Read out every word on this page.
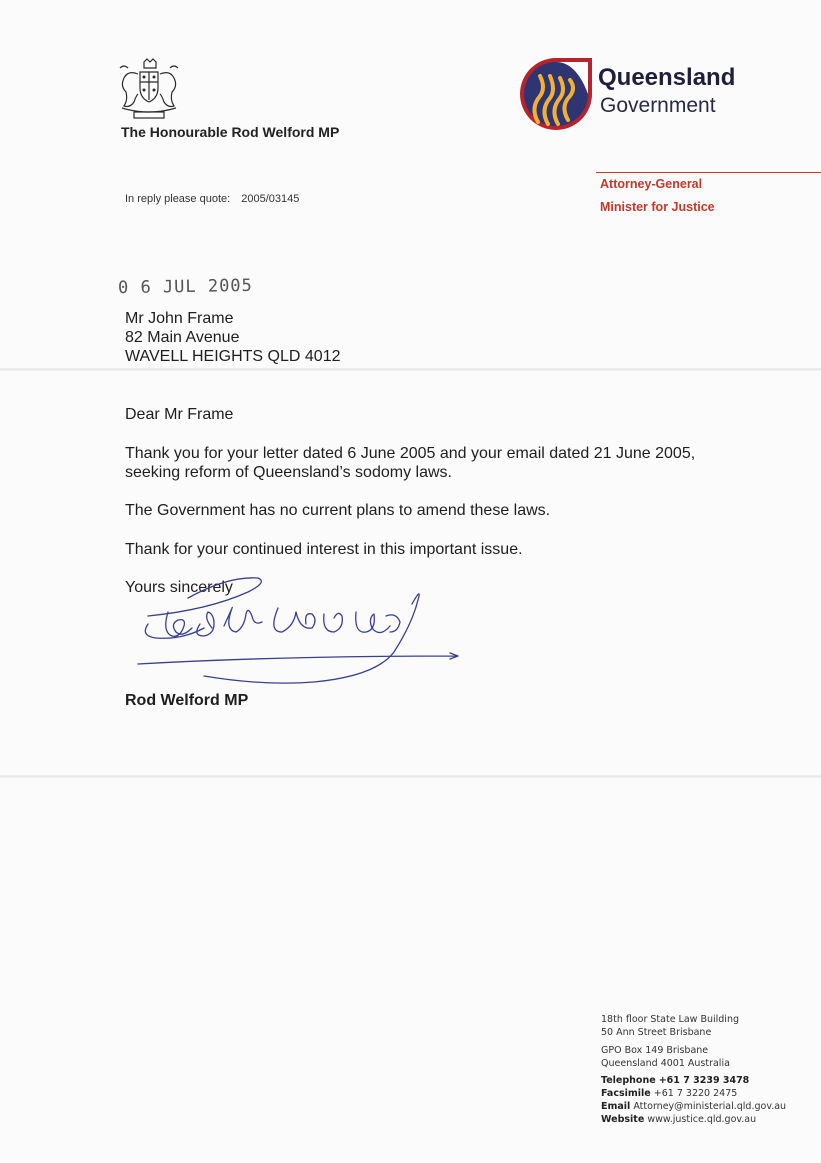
The Honourable Rod Welford MP
Queensland
Government
Attorney-General
Minister for Justice
In reply please quote: 2005/03145
0 6 JUL 2005
Mr John Frame
82 Main Avenue
WAVELL HEIGHTS QLD 4012
Dear Mr Frame
Thank you for your letter dated 6 June 2005 and your email dated 21 June 2005,
seeking reform of Queensland’s sodomy laws.
The Government has no current plans to amend these laws.
Thank for your continued interest in this important issue.
Yours sincerely
Rod Welford MP
18th floor State Law Building
50 Ann Street Brisbane
GPO Box 149 Brisbane
Queensland 4001 Australia
Telephone +61 7 3239 3478
Facsimile +61 7 3220 2475
Email Attorney@ministerial.qld.gov.au
Website www.justice.qld.gov.au
